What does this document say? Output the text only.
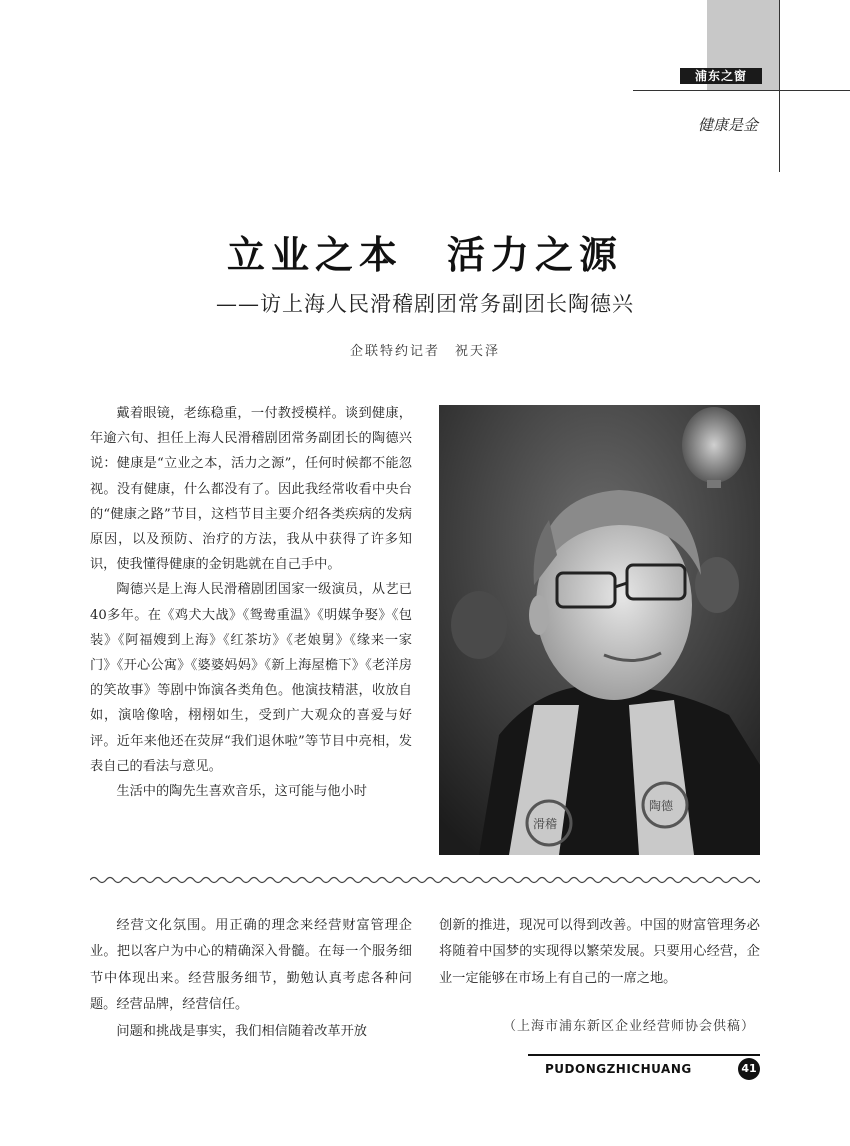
浦东之窗
健康是金
立业之本　活力之源
——访上海人民滑稽剧团常务副团长陶德兴
企联特约记者　祝天泽

戴着眼镜，老练稳重，一付教授模样。谈到健康，年逾六旬、担任上海人民滑稽剧团常务副团长的陶德兴说：健康是“立业之本，活力之源”，任何时候都不能忽视。没有健康，什么都没有了。因此我经常收看中央台的“健康之路”节目，这档节目主要介绍各类疾病的发病原因，以及预防、治疗的方法，我从中获得了许多知识，使我懂得健康的金钥匙就在自己手中。

陶德兴是上海人民滑稽剧团国家一级演员，从艺已40多年。在《鸡犬大战》《鸳鸯重温》《明媒争娶》《包装》《阿福嫂到上海》《红茶坊》《老娘舅》《缘来一家门》《开心公寓》《婆婆妈妈》《新上海屋檐下》《老洋房的笑故事》等剧中饰演各类角色。他演技精湛，收放自如，演啥像啥，栩栩如生，受到广大观众的喜爱与好评。近年来他还在荧屏“我们退休啦”等节目中亮相，发表自己的看法与意见。

生活中的陶先生喜欢音乐，这可能与他小时

滑稽
陶德

经营文化氛围。用正确的理念来经营财富管理企业。把以客户为中心的精确深入骨髓。在每一个服务细节中体现出来。经营服务细节，勤勉认真考虑各种问题。经营品牌，经营信任。

问题和挑战是事实，我们相信随着改革开放

创新的推进，现况可以得到改善。中国的财富管理务必将随着中国梦的实现得以繁荣发展。只要用心经营，企业一定能够在市场上有自己的一席之地。

（上海市浦东新区企业经营师协会供稿）
PUDONGZHICHUANG	41
